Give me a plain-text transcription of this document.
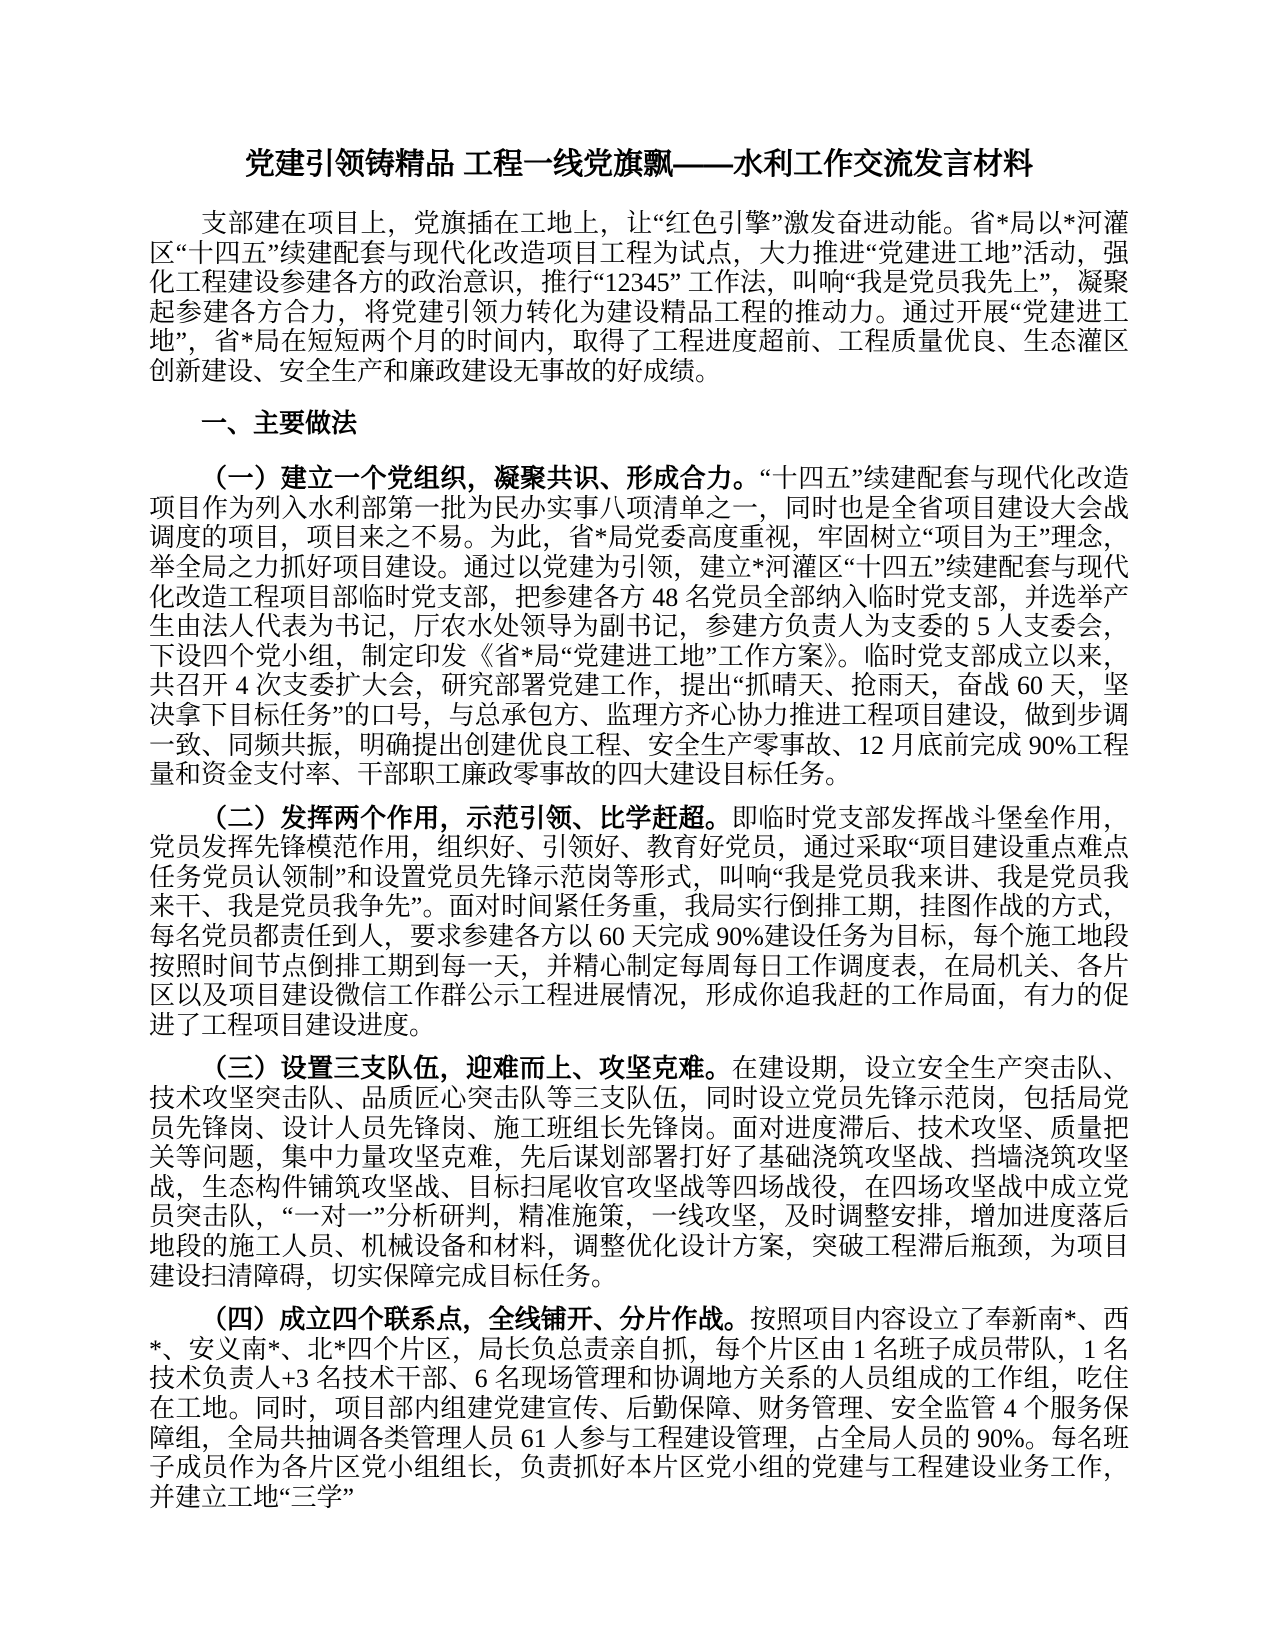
党建引领铸精品 工程一线党旗飘——水利工作交流发言材料

支部建在项目上，党旗插在工地上，让“红色引擎”激发奋进动能。省*局以*河灌区“十四五”续建配套与现代化改造项目工程为试点，大力推进“党建进工地”活动，强化工程建设参建各方的政治意识，推行“12345” 工作法，叫响“我是党员我先上”，凝聚起参建各方合力，将党建引领力转化为建设精品工程的推动力。通过开展“党建进工地”，省*局在短短两个月的时间内，取得了工程进度超前、工程质量优良、生态灌区创新建设、安全生产和廉政建设无事故的好成绩。

一、主要做法

（一）建立一个党组织，凝聚共识、形成合力。“十四五”续建配套与现代化改造项目作为列入水利部第一批为民办实事八项清单之一，同时也是全省项目建设大会战调度的项目，项目来之不易。为此，省*局党委高度重视，牢固树立“项目为王”理念，举全局之力抓好项目建设。通过以党建为引领，建立*河灌区“十四五”续建配套与现代化改造工程项目部临时党支部，把参建各方 48 名党员全部纳入临时党支部，并选举产生由法人代表为书记，厅农水处领导为副书记，参建方负责人为支委的 5 人支委会，下设四个党小组，制定印发《省*局“党建进工地”工作方案》。临时党支部成立以来，共召开 4 次支委扩大会，研究部署党建工作，提出“抓晴天、抢雨天，奋战 60 天，坚决拿下目标任务”的口号，与总承包方、监理方齐心协力推进工程项目建设，做到步调一致、同频共振，明确提出创建优良工程、安全生产零事故、12 月底前完成 90%工程量和资金支付率、干部职工廉政零事故的四大建设目标任务。

（二）发挥两个作用，示范引领、比学赶超。即临时党支部发挥战斗堡垒作用，党员发挥先锋模范作用，组织好、引领好、教育好党员，通过采取“项目建设重点难点任务党员认领制”和设置党员先锋示范岗等形式，叫响“我是党员我来讲、我是党员我来干、我是党员我争先”。面对时间紧任务重，我局实行倒排工期，挂图作战的方式，每名党员都责任到人，要求参建各方以 60 天完成 90%建设任务为目标，每个施工地段按照时间节点倒排工期到每一天，并精心制定每周每日工作调度表，在局机关、各片区以及项目建设微信工作群公示工程进展情况，形成你追我赶的工作局面，有力的促进了工程项目建设进度。

（三）设置三支队伍，迎难而上、攻坚克难。在建设期，设立安全生产突击队、技术攻坚突击队、品质匠心突击队等三支队伍，同时设立党员先锋示范岗，包括局党员先锋岗、设计人员先锋岗、施工班组长先锋岗。面对进度滞后、技术攻坚、质量把关等问题，集中力量攻坚克难，先后谋划部署打好了基础浇筑攻坚战、挡墙浇筑攻坚战，生态构件铺筑攻坚战、目标扫尾收官攻坚战等四场战役，在四场攻坚战中成立党员突击队，“一对一”分析研判，精准施策，一线攻坚，及时调整安排，增加进度落后地段的施工人员、机械设备和材料，调整优化设计方案，突破工程滞后瓶颈，为项目建设扫清障碍，切实保障完成目标任务。

（四）成立四个联系点，全线铺开、分片作战。按照项目内容设立了奉新南*、西*、安义南*、北*四个片区，局长负总责亲自抓，每个片区由 1 名班子成员带队，1 名技术负责人+3 名技术干部、6 名现场管理和协调地方关系的人员组成的工作组，吃住在工地。同时，项目部内组建党建宣传、后勤保障、财务管理、安全监管 4 个服务保障组，全局共抽调各类管理人员 61 人参与工程建设管理，占全局人员的 90%。每名班子成员作为各片区党小组组长，负责抓好本片区党小组的党建与工程建设业务工作，并建立工地“三学”
